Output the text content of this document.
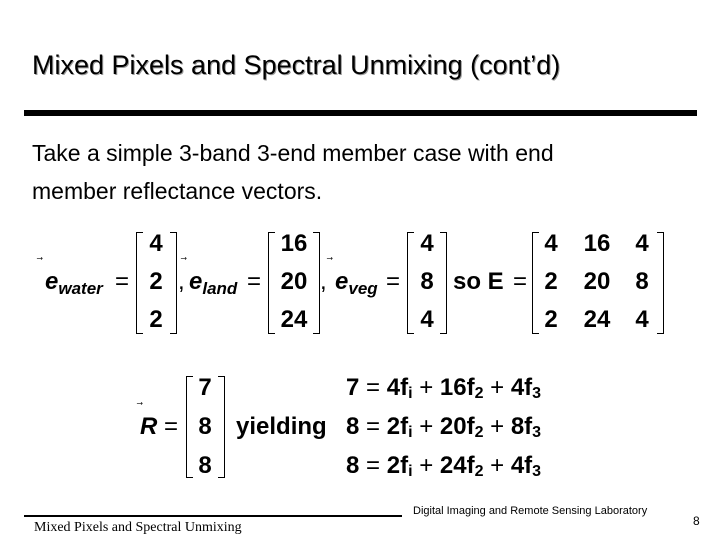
Mixed Pixels and Spectral Unmixing (cont’d)
Take a simple 3-band 3-end member case with end
member reflectance vectors.
$e_{water}$ =
4
2
2
, $e_{land}$ =
16
20
24
, $e_{veg}$ =
4
8
4
so E =
4	16	4
2	20	8
2	24	4
R =
7
8
8
yielding
$7 = 4f_i + 16f_2 + 4f_3$
$8 = 2f_i + 20f_2 + 8f_3$
$8 = 2f_i + 24f_2 + 4f_3$
Mixed Pixels and Spectral Unmixing
Digital Imaging and Remote Sensing Laboratory
8
